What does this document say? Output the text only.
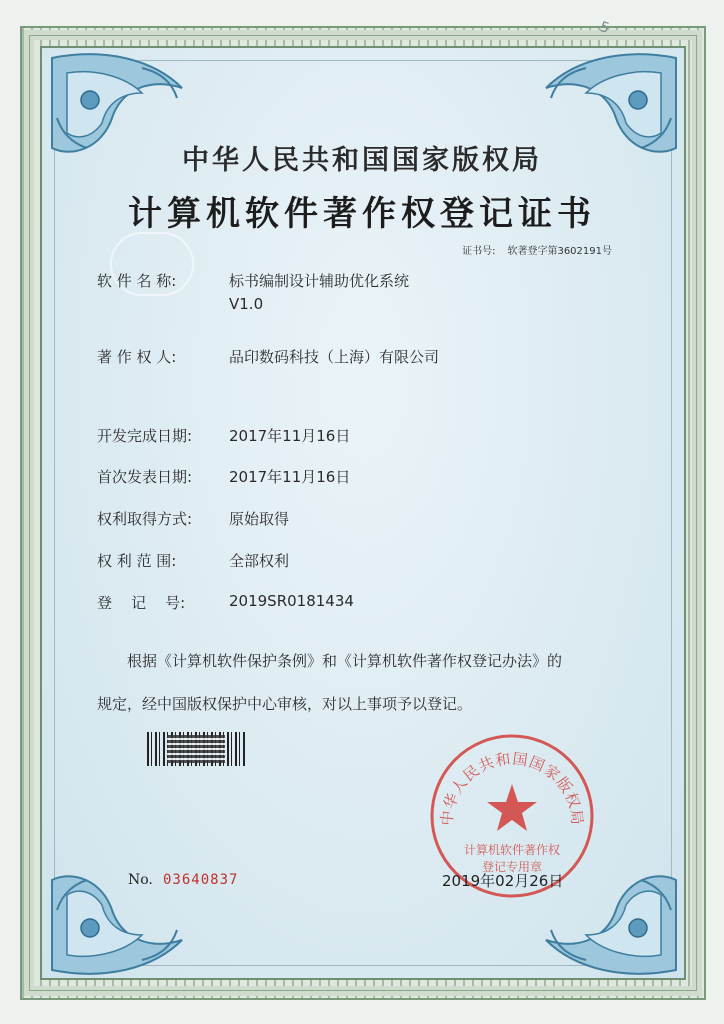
5
中华人民共和国国家版权局
计算机软件著作权登记证书
证书号: 软著登字第3602191号
软 件 名 称:	标书编制设计辅助优化系统
V1.0
著 作 权 人:	品印数码科技（上海）有限公司
开发完成日期:	2017年11月16日
首次发表日期:	2017年11月16日
权利取得方式:	原始取得
权 利 范 围:	全部权利
登    记    号:	2019SR0181434
根据《计算机软件保护条例》和《计算机软件著作权登记办法》的
规定，经中国版权保护中心审核，对以上事项予以登记。
中华人民共和国国家版权局
计算机软件著作权
登记专用章
No. 03640837	2019年02月26日
